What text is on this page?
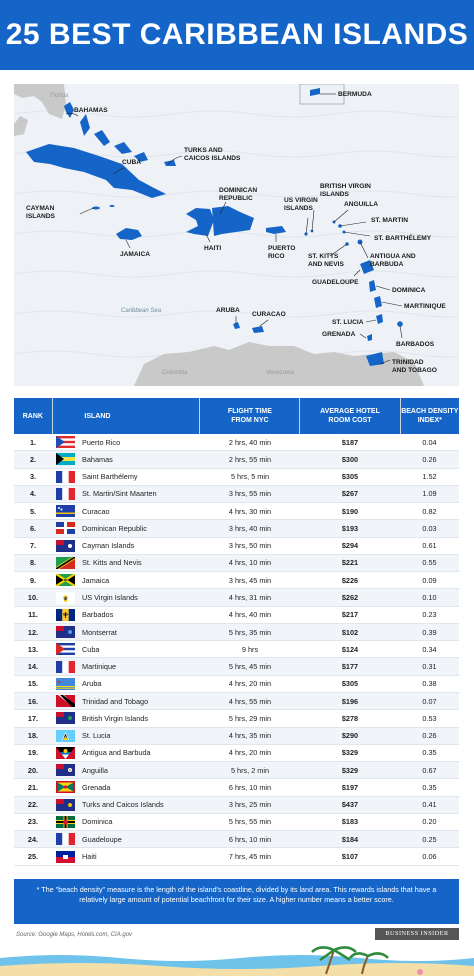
25 BEST CARIBBEAN ISLANDS
Florida
Colombia	Venezuela
Caribbean Sea
BERMUDA
BAHAMAS
TURKS AND
CAICOS ISLANDS
CUBA
DOMINICAN
REPUBLIC
CAYMAN
ISLANDS
JAMAICA
HAITI	PUERTO
RICO
US VIRGIN
ISLANDS
BRITISH VIRGIN
ISLANDS
ANGUILLA
ST. MARTIN
ST. BARTHÉLEMY
ST. KITTS
AND NEVIS
ANTIGUA AND
BARBUDA
GUADELOUPE
DOMINICA
MARTINIQUE
ST. LUCIA
BARBADOS
GRENADA
TRINIDAD
AND TOBAGO
ARUBA
CURACAO
RANK	ISLAND
FLIGHT TIME
FROM NYC
AVERAGE HOTEL
ROOM COST
BEACH DENSITY
INDEX*
1.	Puerto Rico	2 hrs, 40 min	$187	0.04
2.	Bahamas	2 hrs, 55 min	$300	0.26
3.	Saint Barthélemy	5 hrs, 5 min	$305	1.52
4.	St. Martin/Sint Maarten	3 hrs, 55 min	$267	1.09
5.	Curacao	4 hrs, 30 min	$190	0.82
6.	Dominican Republic	3 hrs, 40 min	$193	0.03
7.	Cayman Islands	3 hrs, 50 min	$294	0.61
8.	St. Kitts and Nevis	4 hrs, 10 min	$221	0.55
9.	Jamaica	3 hrs, 45 min	$226	0.09
10.	US Virgin Islands	4 hrs, 31 min	$262	0.10
11.	Barbados	4 hrs, 40 min	$217	0.23
12.	Montserrat	5 hrs, 35 min	$102	0.39
13.	Cuba	9 hrs	$124	0.34
14.	Martinique	5 hrs, 45 min	$177	0.31
15.	Aruba	4 hrs, 20 min	$305	0.38
16.	Trinidad and Tobago	4 hrs, 55 min	$196	0.07
17.	British Virgin Islands	5 hrs, 29 min	$278	0.53
18.	St. Lucia	4 hrs, 35 min	$290	0.26
19.	Antigua and Barbuda	4 hrs, 20 min	$329	0.35
20.	Anguilla	5 hrs, 2 min	$329	0.67
21.	Grenada	6 hrs, 10 min	$197	0.35
22.	Turks and Caicos Islands	3 hrs, 25 min	$437	0.41
23.	Dominica	5 hrs, 55 min	$183	0.20
24.	Guadeloupe	6 hrs, 10 min	$184	0.25
25.	Haiti	7 hrs, 45 min	$107	0.06
* The "beach density" measure is the length of the island's coastline, divided by its land area. This rewards islands that have a relatively large amount of potential beachfront for their size. A higher number means a better score.
Source: Google Maps, Hotels.com, CIA.gov	BUSINESS INSIDER
